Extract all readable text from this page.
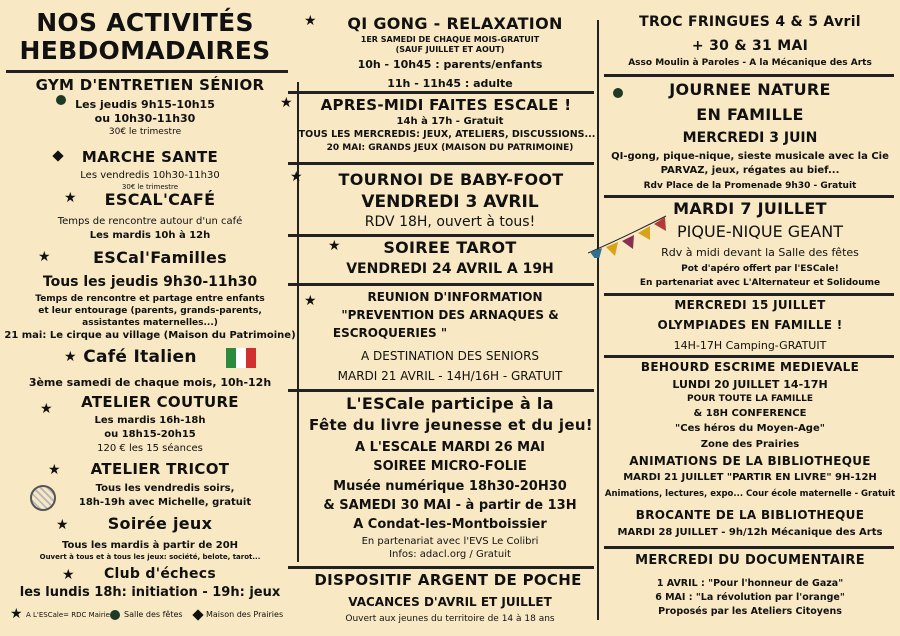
NOS ACTIVITÉS
HEBDOMADAIRES
GYM D'ENTRETIEN SÉNIOR
Les jeudis 9h15-10h15
ou 10h30-11h30
30€ le trimestre
MARCHE SANTE
Les vendredis 10h30-11h30
30€ le trimestre
★	ESCAL'CAFÉ
Temps de rencontre autour d'un café
Les mardis 10h à 12h
★	ESCal'Familles
Tous les jeudis 9h30-11h30
Temps de rencontre et partage entre enfants
et leur entourage (parents, grands-parents,
assistantes maternelles...)
21 mai: Le cirque au village (Maison du Patrimoine)
★ Café Italien
3ème samedi de chaque mois, 10h-12h
★	ATELIER COUTURE
Les mardis 16h-18h
ou 18h15-20h15
120 € les 15 séances
★	ATELIER TRICOT
Tous les vendredis soirs,
18h-19h avec Michelle, gratuit
★	Soirée jeux
Tous les mardis à partir de 20H
Ouvert à tous et à tous les jeux: société, belote, tarot...
★	Club d'échecs
les lundis 18h: initiation - 19h: jeux
★ A L'ESCale= RDC Mairie Salle des fêtes	Maison des Prairies
★	QI GONG - RELAXATION
1ER SAMEDI DE CHAQUE MOIS-GRATUIT
(SAUF JUILLET ET AOUT)
10h - 10h45 : parents/enfants
11h - 11h45 : adulte
★	APRES-MIDI FAITES ESCALE !
14h à 17h - Gratuit
TOUS LES MERCREDIS: JEUX, ATELIERS, DISCUSSIONS...
20 MAI: GRANDS JEUX (MAISON DU PATRIMOINE)
★	TOURNOI DE BABY-FOOT
VENDREDI 3 AVRIL
RDV 18H, ouvert à tous!
★	SOIREE TAROT
VENDREDI 24 AVRIL A 19H
★	REUNION D'INFORMATION
"PREVENTION DES ARNAQUES &
ESCROQUERIES "
A DESTINATION DES SENIORS
MARDI 21 AVRIL - 14H/16H - GRATUIT
L'ESCale participe à la
Fête du livre jeunesse et du jeu!
A L'ESCALE MARDI 26 MAI
SOIREE MICRO-FOLIE
Musée numérique 18h30-20H30
& SAMEDI 30 MAI - à partir de 13H
A Condat-les-Montboissier
En partenariat avec l'EVS Le Colibri
Infos: adacl.org / Gratuit
DISPOSITIF ARGENT DE POCHE
VACANCES D'AVRIL ET JUILLET
Ouvert aux jeunes du territoire de 14 à 18 ans
TROC FRINGUES 4 & 5 Avril
+ 30 & 31 MAI
Asso Moulin à Paroles - A la Mécanique des Arts
JOURNEE NATURE
EN FAMILLE
MERCREDI 3 JUIN
QI-gong, pique-nique, sieste musicale avec la Cie
PARVAZ, jeux, régates au bief...
Rdv Place de la Promenade 9h30 - Gratuit
MARDI 7 JUILLET
PIQUE-NIQUE GEANT
Rdv à midi devant la Salle des fêtes
Pot d'apéro offert par l'ESCale!
En partenariat avec L'Alternateur et Solidoume
MERCREDI 15 JUILLET
OLYMPIADES EN FAMILLE !
14H-17H Camping-GRATUIT
BEHOURD ESCRIME MEDIEVALE
LUNDI 20 JUILLET 14-17H
POUR TOUTE LA FAMILLE
& 18H CONFERENCE
"Ces héros du Moyen-Age"
Zone des Prairies
ANIMATIONS DE LA BIBLIOTHEQUE
MARDI 21 JUILLET "PARTIR EN LIVRE" 9H-12H
Animations, lectures, expo... Cour école maternelle - Gratuit
BROCANTE DE LA BIBLIOTHEQUE
MARDI 28 JUILLET - 9h/12h Mécanique des Arts
MERCREDI DU DOCUMENTAIRE
1 AVRIL : "Pour l'honneur de Gaza"
6 MAI : "La révolution par l'orange"
Proposés par les Ateliers Citoyens
